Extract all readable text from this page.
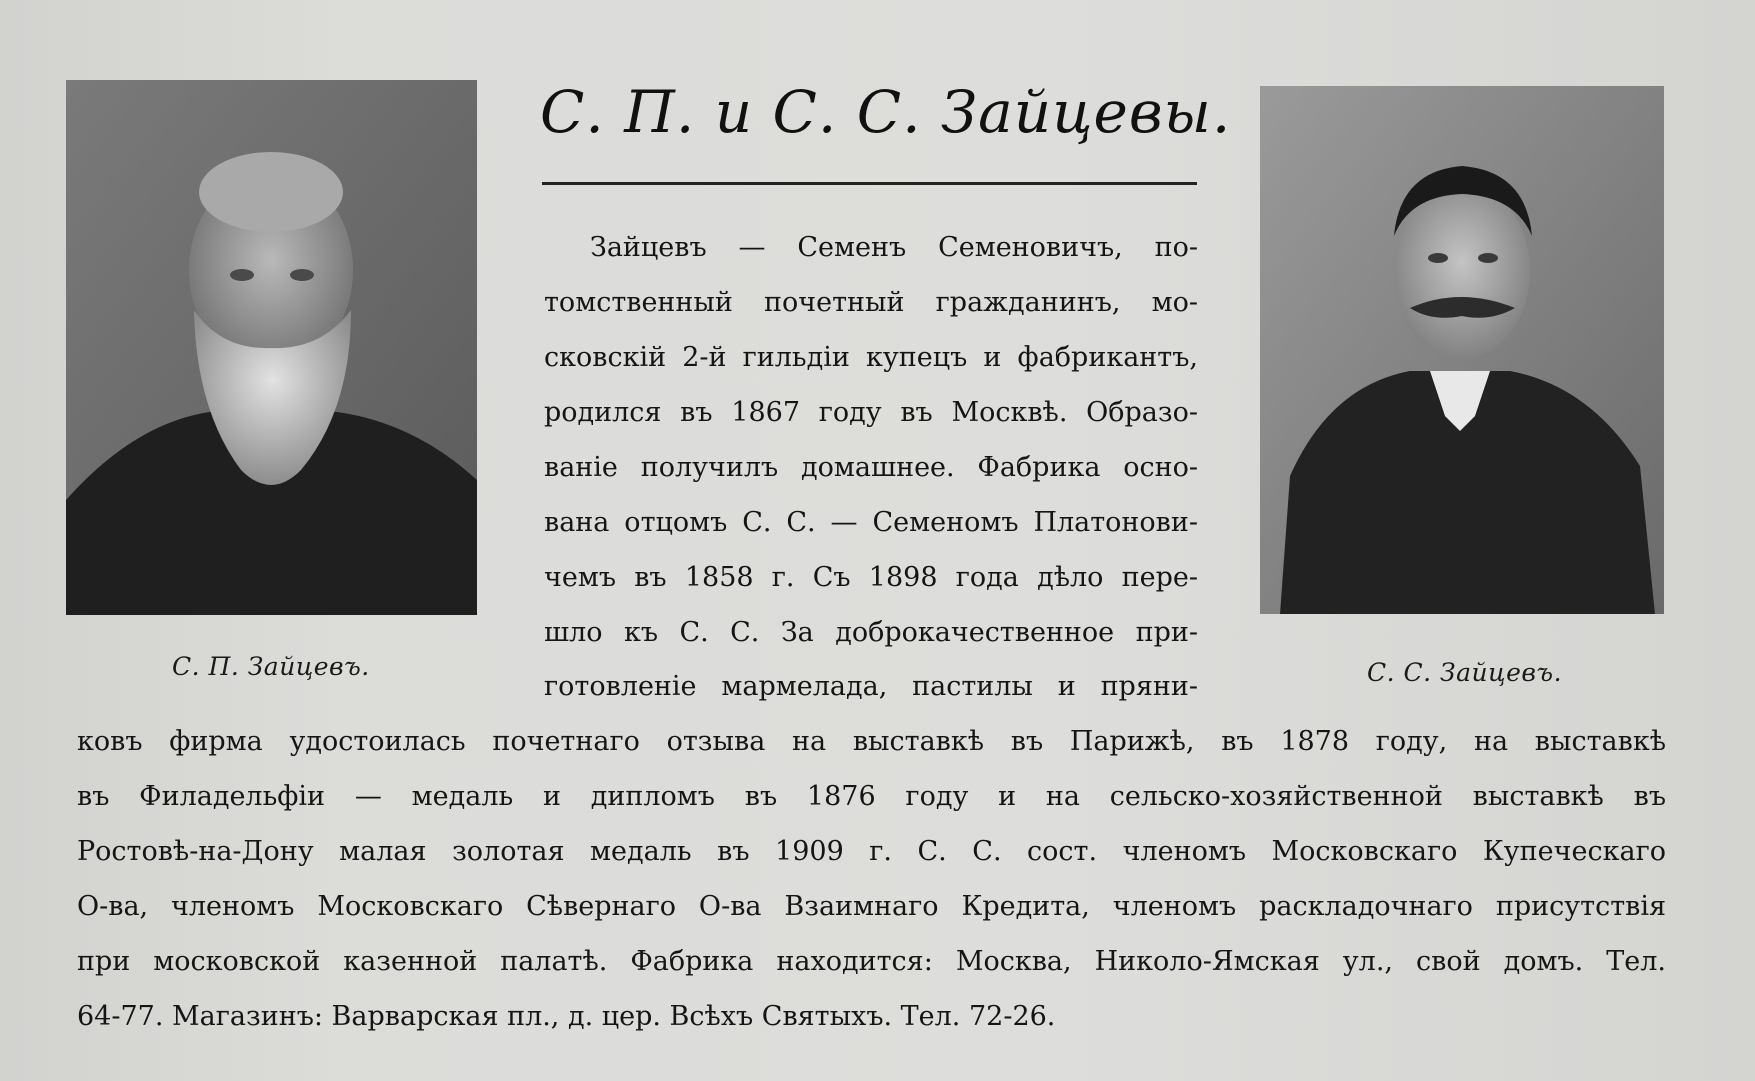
С. П. Зайцевъ.
С. П. и С. С. Зайцевы.
С. С. Зайцевъ.
Зайцевъ — Семенъ Семеновичъ, по-
томственный почетный гражданинъ, мо-
сковскій 2-й гильдіи купецъ и фабрикантъ,
родился въ 1867 году въ Москвѣ. Образо-
ваніе получилъ домашнее. Фабрика осно-
вана отцомъ С. С. — Семеномъ Платонови-
чемъ въ 1858 г. Съ 1898 года дѣло пере-
шло къ С. С. За доброкачественное при-
готовленіе мармелада, пастилы и пряни-
ковъ фирма удостоилась почетнаго отзыва на выставкѣ въ Парижѣ, въ 1878 году, на выставкѣ
въ Филадельфіи — медаль и дипломъ въ 1876 году и на сельско-хозяйственной выставкѣ въ
Ростовѣ-на-Дону малая золотая медаль въ 1909 г. С. С. сост. членомъ Московскаго Купеческаго
О-ва, членомъ Московскаго Сѣвернаго О-ва Взаимнаго Кредита, членомъ раскладочнаго присутствія
при московской казенной палатѣ. Фабрика находится: Москва, Николо-Ямская ул., свой домъ. Тел.
64-77. Магазинъ: Варварская пл., д. цер. Всѣхъ Святыхъ. Тел. 72-26.
